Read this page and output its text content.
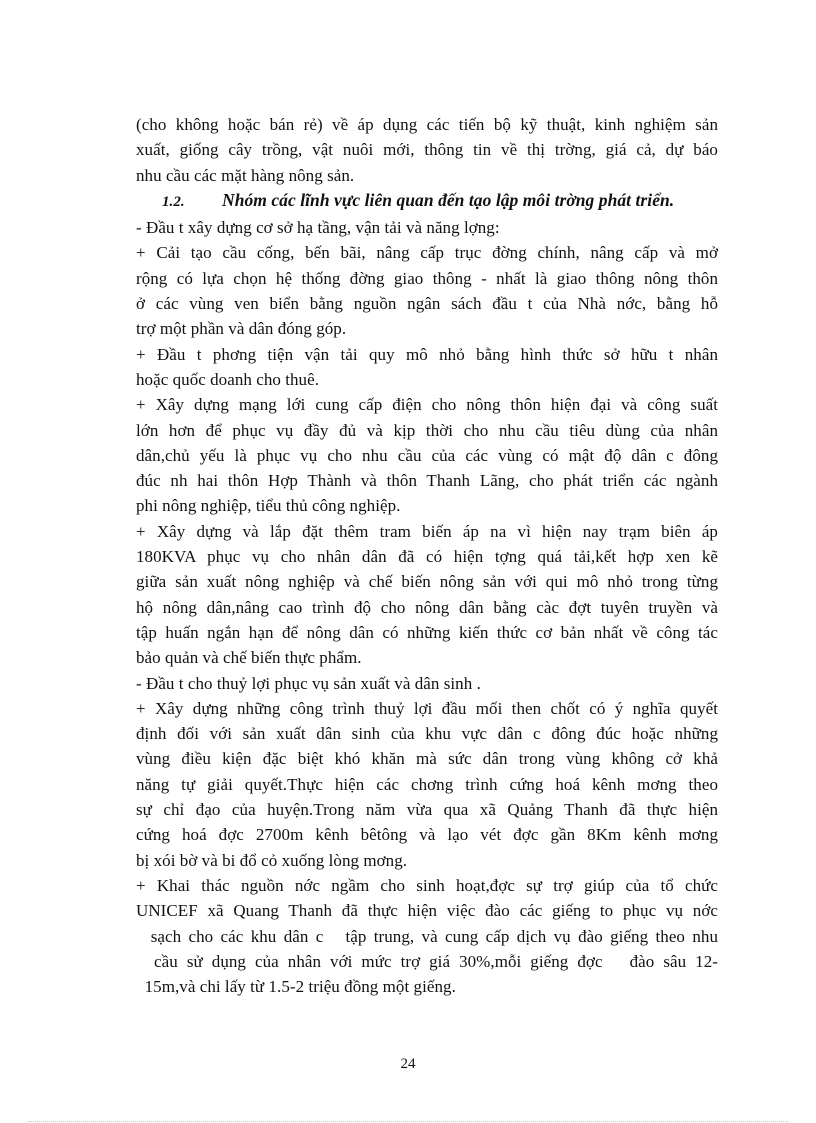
(cho không hoặc bán rẻ) về áp dụng các tiến bộ kỹ thuật, kinh nghiệm sản
xuất, giống cây trồng, vật nuôi mới, thông tin về thị trờng, giá cả, dự báo
nhu cầu các mặt hàng nông sản.
1.2. Nhóm các lĩnh vực liên quan đến tạo lập môi trờng phát triển.
- Đầu t xây dựng cơ sở hạ tầng, vận tải và năng lợng:
+ Cải tạo cầu cống, bến bãi, nâng cấp trục đờng chính, nâng cấp và mở
rộng có lựa chọn hệ thống đờng giao thông - nhất là giao thông nông thôn
ở các vùng ven biển bằng nguồn ngân sách đầu t của Nhà nớc, bằng hỗ
trợ một phần và dân đóng góp.
+ Đầu t phơng tiện vận tải quy mô nhỏ bằng hình thức sở hữu t nhân
hoặc quốc doanh cho thuê.
+ Xây dựng mạng lới cung cấp điện cho nông thôn hiện đại và công suất
lớn hơn để phục vụ đầy đủ và kịp thời cho nhu cầu tiêu dùng của nhân
dân,chủ yếu là phục vụ cho nhu cầu của các vùng có mật độ dân c đông
đúc nh hai thôn Hợp Thành và thôn Thanh Lãng, cho phát triển các ngành
phi nông nghiệp, tiểu thủ công nghiệp.
+ Xây dựng và lắp đặt thêm tram biến áp na vì hiện nay trạm biên áp
180KVA phục vụ cho nhân dân đã có hiện tợng quá tải,kết hợp xen kẽ
giữa sản xuất nông nghiệp và chế biến nông sản với qui mô nhỏ trong từng
hộ nông dân,nâng cao trình độ cho nông dân bằng càc đợt tuyên truyền và
tập huấn ngắn hạn để nông dân có những kiến thức cơ bản nhất về công tác
bảo quản và chế biến thực phẩm.
- Đầu t cho thuỷ lợi phục vụ sản xuất và dân sinh .
+ Xây dựng những công trình thuỷ lợi đầu mối then chốt có ý nghĩa quyết
định đối với sản xuất dân sinh của khu vực dân c đông đúc hoặc những
vùng điều kiện đặc biệt khó khăn mà sức dân trong vùng không cở khả
năng tự giải quyết.Thực hiện các chơng trình cứng hoá kênh mơng theo
sự chỉ đạo của huyện.Trong năm vừa qua xã Quảng Thanh đã thực hiện
cứng hoá đợc 2700m kênh bêtông và lạo vét đợc gần 8Km kênh mơng
bị xói bờ và bi đổ cỏ xuống lòng mơng.
+ Khai thác nguồn nớc ngầm cho sinh hoạt,đợc sự trợ giúp của tổ chức
UNICEF xã Quang Thanh đã thực hiện việc đào các giếng to phục vụ nớc
sạch cho các khu dân c   tập trung, và cung cấp dịch vụ đào giếng theo nhu
cầu sử dụng của nhân với mức trợ giá 30%,mỗi giếng đợc   đào sâu 12-
15m,và chi lấy từ 1.5-2 triệu đồng một giếng.
24
